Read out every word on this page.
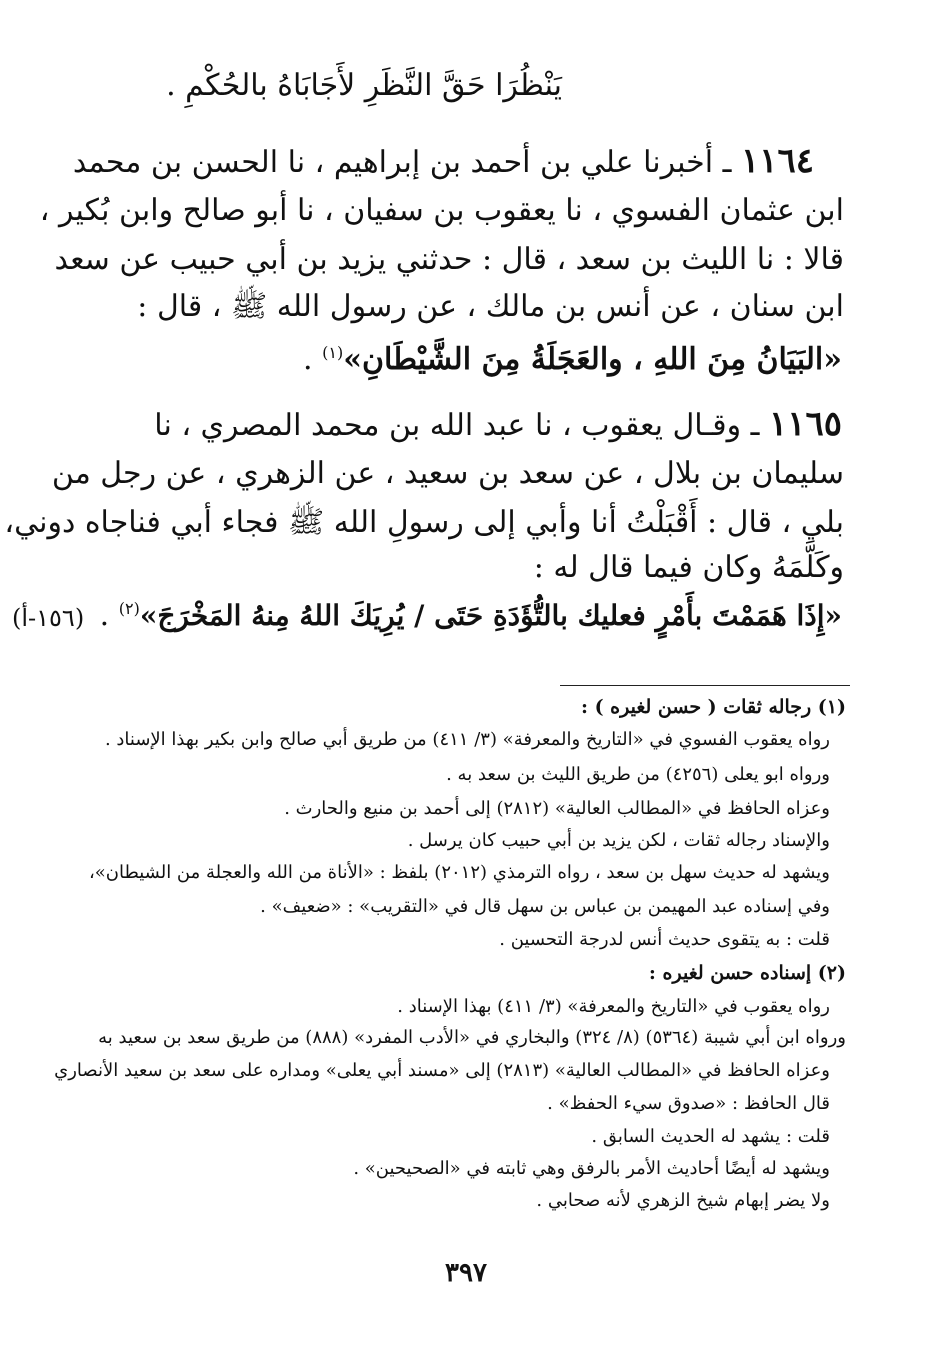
يَنْظُرَا حَقَّ النَّظَرِ لأَجَابَاهُ بالحُكْمِ .
١١٦٤ ـ أخبرنا علي بن أحمد بن إبراهيم ، نا الحسن بن محمد
ابن عثمان الفسوي ، نا يعقوب بن سفيان ، نا أبو صالح وابن بُكير ،
قالا : نا الليث بن سعد ، قال : حدثني يزيد بن أبي حبيب عن سعد
ابن سنان ، عن أنس بن مالك ، عن رسول الله ﷺ ، قال :
«البَيَانُ مِنَ اللهِ ، والعَجَلَةُ مِنَ الشَّيْطَانِ»$^{(١)}$ .
١١٦٥ ـ وقـال يعقوب ، نا عبد الله بن محمد المصري ، نا
سليمان بن بلال ، عن سعد بن سعيد ، عن الزهري ، عن رجل من
بلي ، قال : أَقْبَلْتُ أنا وأبي إلى رسولِ الله ﷺ فجاء أبي فناجاه دوني،
وكَلَّمَهُ وكان فيما قال له :
«إِذَا هَمَمْتَ بأَمْرٍ فعليك بالتُّؤَدَةِ حَتَى / يُرِيَكَ اللهُ مِنهُ المَخْرَجَ»$^{(٢)}$ .
(١٥٦-أ)
(١) رجاله ثقات ( حسن لغيره ) :
رواه يعقوب الفسوي في «التاريخ والمعرفة» (٣/ ٤١١) من طريق أبي صالح وابن بكير بهذا الإسناد .
ورواه ابو يعلى (٤٢٥٦) من طريق الليث بن سعد به .
وعزاه الحافظ في «المطالب العالية» (٢٨١٢) إلى أحمد بن منيع والحارث .
والإسناد رجاله ثقات ، لكن يزيد بن أبي حبيب كان يرسل .
ويشهد له حديث سهل بن سعد ، رواه الترمذي (٢٠١٢) بلفظ : «الأناة من الله والعجلة من الشيطان»،
وفي إسناده عبد المهيمن بن عباس بن سهل قال في «التقريب» : «ضعيف» .
قلت : به يتقوى حديث أنس لدرجة التحسين .
(٢) إسناده حسن لغيره :
رواه يعقوب في «التاريخ والمعرفة» (٣/ ٤١١) بهذا الإسناد .
ورواه ابن أبي شيبة (٥٣٦٤) (٨/ ٣٢٤) والبخاري في «الأدب المفرد» (٨٨٨) من طريق سعد بن سعيد به
وعزاه الحافظ في «المطالب العالية» (٢٨١٣) إلى «مسند أبي يعلى» ومداره على سعد بن سعيد الأنصاري
قال الحافظ : «صدوق سيء الحفظ» .
قلت : يشهد له الحديث السابق .
ويشهد له أيضًا أحاديث الأمر بالرفق وهي ثابته في «الصحيحين» .
ولا يضر إبهام شيخ الزهري لأنه صحابي .
٣٩٧
